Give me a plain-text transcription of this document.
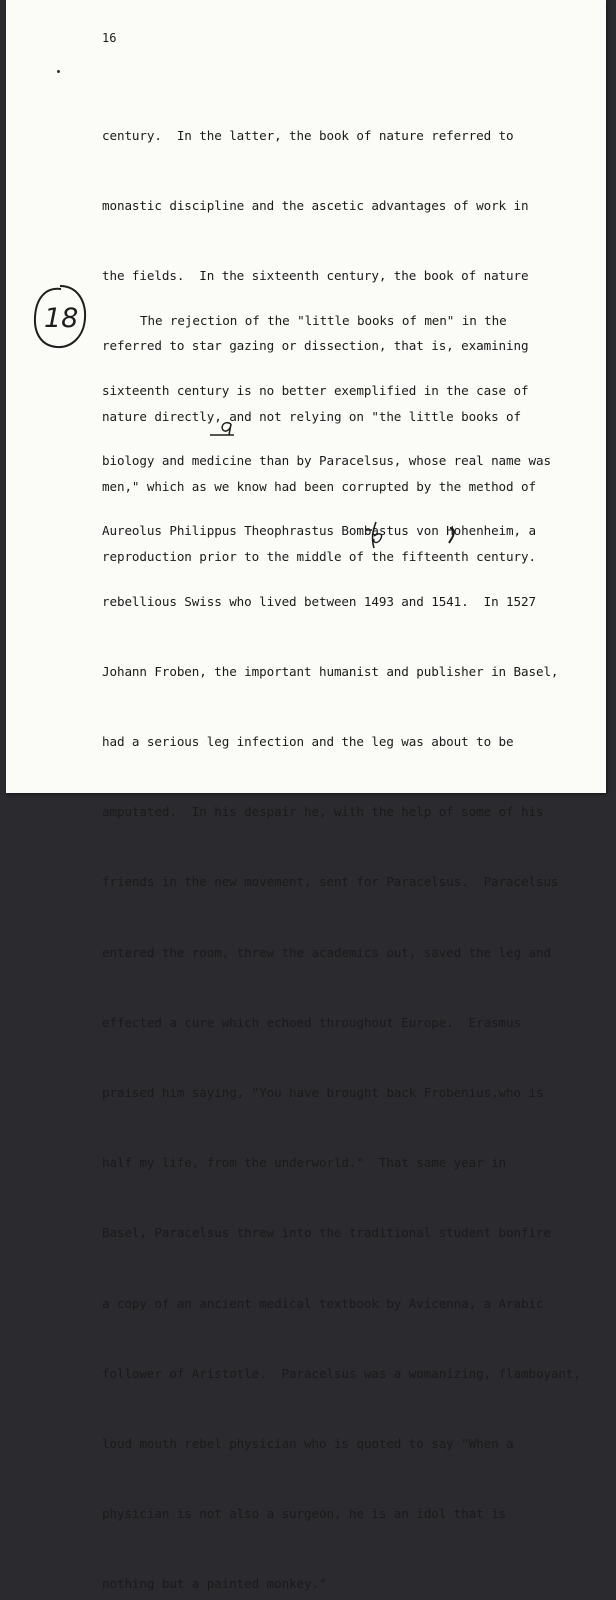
16

century.  In the latter, the book of nature referred to

monastic discipline and the ascetic advantages of work in

the fields.  In the sixteenth century, the book of nature

referred to star gazing or dissection, that is, examining

nature directly, and not relying on "the little books of

men," which as we know had been corrupted by the method of

reproduction prior to the middle of the fifteenth century.

The rejection of the "little books of men" in the

sixteenth century is no better exemplified in the case of

biology and medicine than by Paracelsus, whose real name was

Aureolus Philippus Theophrastus Bombastus von Hohenheim, a

rebellious Swiss who lived between 1493 and 1541.  In 1527

Johann Froben, the important humanist and publisher in Basel,

had a serious leg infection and the leg was about to be

amputated.  In his despair he, with the help of some of his

friends in the new movement, sent for Paracelsus.  Paracelsus

entered the room, threw the academics out, saved the leg and

effected a cure which echoed throughout Europe.  Erasmus

praised him saying, "You have brought back Frobenius,who is

half my life, from the underworld."  That same year in

Basel, Paracelsus threw into the traditional student bonfire

a copy of an ancient medical textbook by Avicenna, a Arabic

follower of Aristotle.  Paracelsus was a womanizing, flamboyant,

loud mouth rebel physician who is quoted to say "When a

physician is not also a surgeon, he is an idol that is

nothing but a painted monkey."

18
